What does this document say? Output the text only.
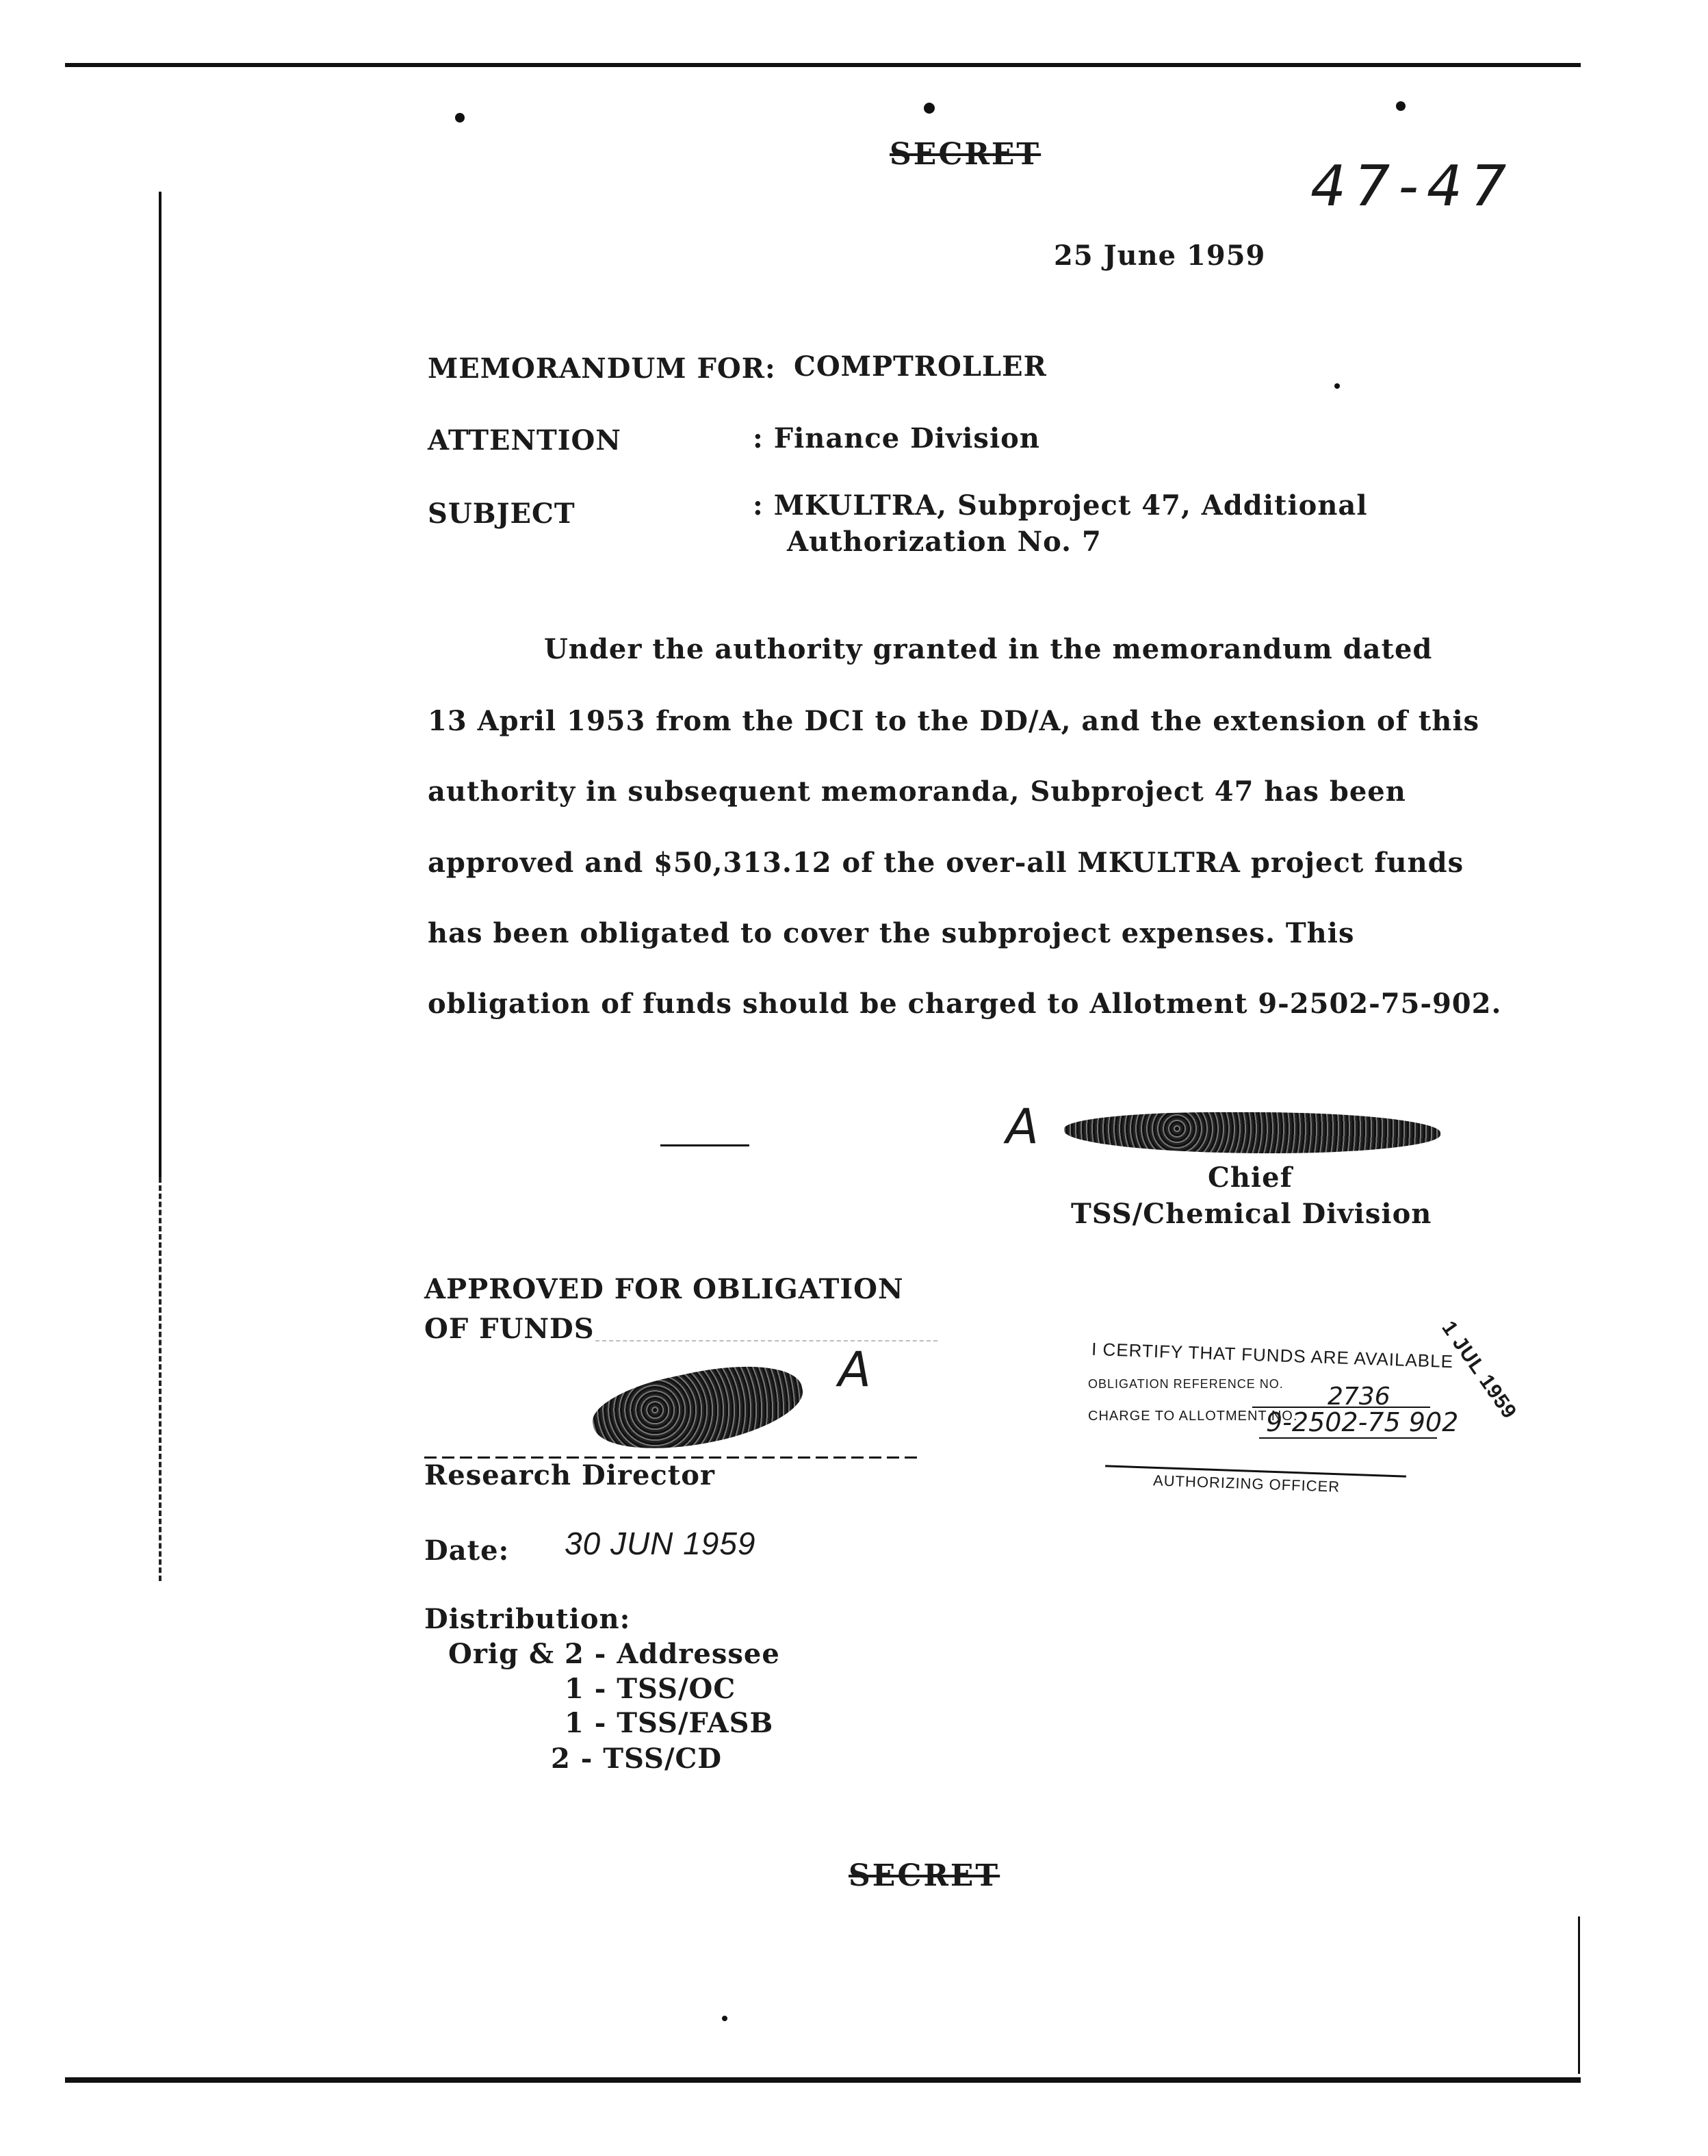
SECRET	47-47
25 June 1959
MEMORANDUM FOR: COMPTROLLER
ATTENTION	: Finance Division
SUBJECT	: MKULTRA, Subproject 47, Additional
Authorization No. 7
Under the authority granted in the memorandum dated
13 April 1953 from the DCI to the DD/A, and the extension of this
authority in subsequent memoranda, Subproject 47 has been
approved and $50,313.12 of the over-all MKULTRA project funds
has been obligated to cover the subproject expenses. This
obligation of funds should be charged to Allotment 9-2502-75-902.
A
Chief
TSS/Chemical Division
APPROVED FOR OBLIGATION
OF FUNDS
A
Research Director
Date: 30 JUN 1959
I CERTIFY THAT FUNDS ARE AVAILABLE
1 JUL 1959
OBLIGATION REFERENCE NO. 2736
CHARGE TO ALLOTMENT NO.
9-2502-75 902
AUTHORIZING OFFICER
Distribution:
Orig & 2 - Addressee
1 - TSS/OC
1 - TSS/FASB
2 - TSS/CD
SECRET
